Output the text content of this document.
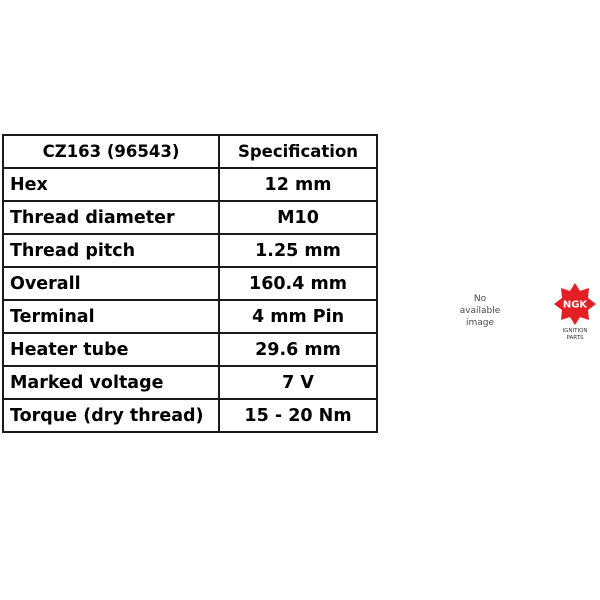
CZ163 (96543)	Specification
Hex	12 mm
Thread diameter	M10
Thread pitch	1.25 mm
Overall	160.4 mm
Terminal	4 mm Pin
Heater tube	29.6 mm
Marked voltage	7 V
Torque (dry thread)	15 - 20 Nm
No
available
image
NGK
IGNITION
PARTS
